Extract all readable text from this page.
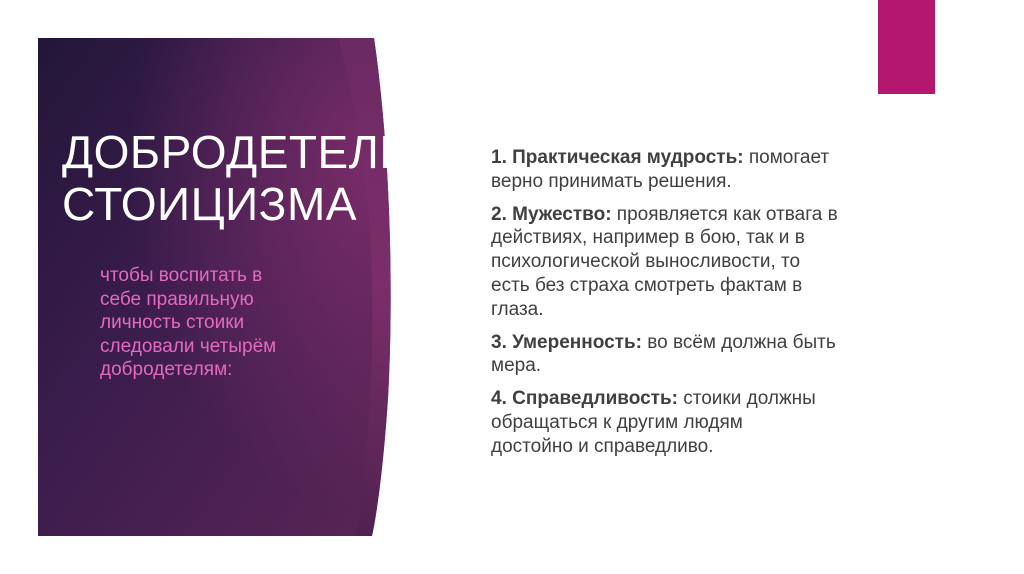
ДОБРОДЕТЕЛИ
СТОИЦИЗМА

чтобы воспитать в
себе правильную
личность стоики
следовали четырём
добродетелям:

1. Практическая мудрость: помогает
верно принимать решения.
2. Мужество: проявляется как отвага в
действиях, например в бою, так и в
психологической выносливости, то
есть без страха смотреть фактам в
глаза.
3. Умеренность: во всём должна быть
мера.
4. Справедливость: стоики должны
обращаться к другим людям
достойно и справедливо.
